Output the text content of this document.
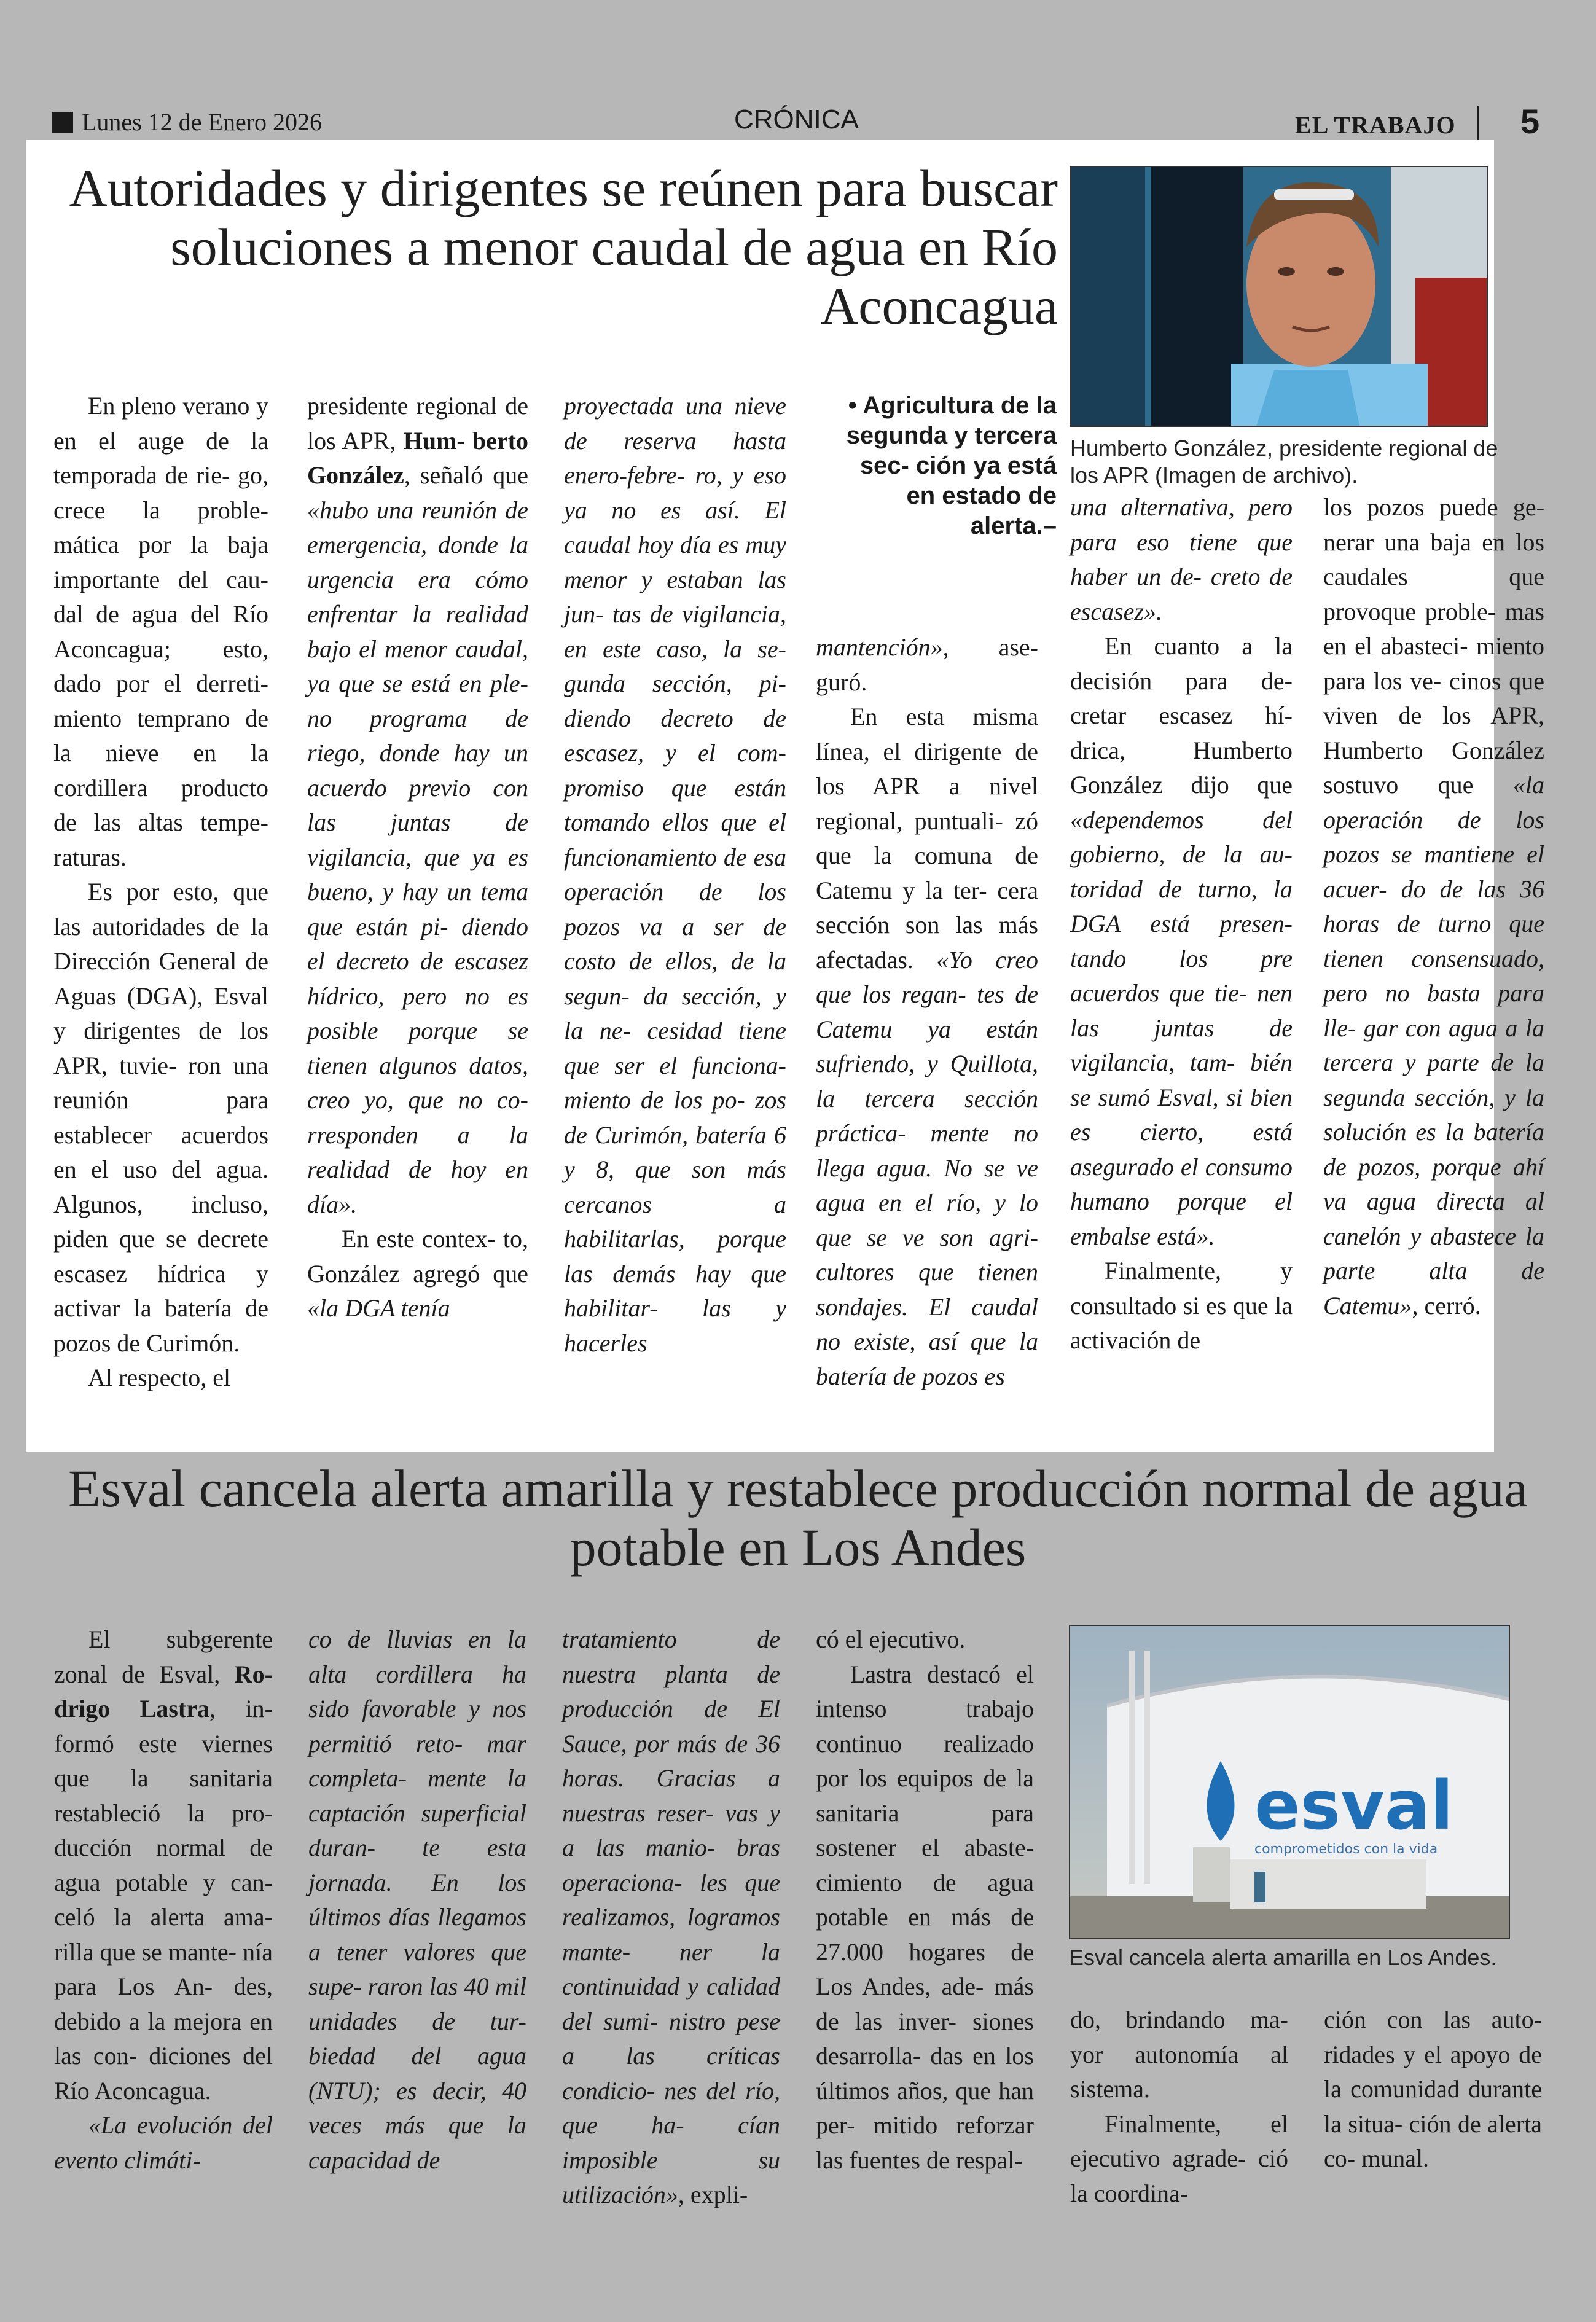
Lunes 12 de Enero 2026	CRÓNICA	EL TRABAJO 5
Autoridades y dirigentes se reúnen para buscar soluciones a menor caudal de agua en Río Aconcagua
Humberto González, presidente regional de los APR (Imagen de archivo).

En pleno verano y en el auge de la temporada de rie- go, crece la proble- mática por la baja importante del cau- dal de agua del Río Aconcagua; esto, dado por el derreti- miento temprano de la nieve en la cordillera producto de las altas tempe- raturas.

Es por esto, que las autoridades de la Dirección General de Aguas (DGA), Esval y dirigentes de los APR, tuvie- ron una reunión para establecer acuerdos en el uso del agua. Algunos, incluso, piden que se decrete escasez hídrica y activar la batería de pozos de Curimón.

Al respecto, el

presidente regional de los APR, Hum- berto González, señaló que «hubo una reunión de emergencia, donde la urgencia era cómo enfrentar la realidad bajo el menor caudal, ya que se está en ple- no programa de riego, donde hay un acuerdo previo con las juntas de vigilancia, que ya es bueno, y hay un tema que están pi- diendo el decreto de escasez hídrico, pero no es posible porque se tienen algunos datos, creo yo, que no co- rresponden a la realidad de hoy en día».

En este contex- to, González agregó que «la DGA tenía

proyectada una nieve de reserva hasta enero-febre- ro, y eso ya no es así. El caudal hoy día es muy menor y estaban las jun- tas de vigilancia, en este caso, la se- gunda sección, pi- diendo decreto de escasez, y el com- promiso que están tomando ellos que el funcionamiento de esa operación de los pozos va a ser de costo de ellos, de la segun- da sección, y la ne- cesidad tiene que ser el funciona- miento de los po- zos de Curimón, batería 6 y 8, que son más cercanos a habilitarlas, porque las demás hay que habilitar- las y hacerles

• Agricultura de la segunda y tercera sec- ción ya está en estado de alerta.–

mantención», ase- guró.

En esta misma línea, el dirigente de los APR a nivel regional, puntuali- zó que la comuna de Catemu y la ter- cera sección son las más afectadas. «Yo creo que los regan- tes de Catemu ya están sufriendo, y Quillota, la tercera sección práctica- mente no llega agua. No se ve agua en el río, y lo que se ve son agri- cultores que tienen sondajes. El caudal no existe, así que la batería de pozos es

una alternativa, pero para eso tiene que haber un de- creto de escasez».

En cuanto a la decisión para de- cretar escasez hí- drica, Humberto González dijo que «dependemos del gobierno, de la au- toridad de turno, la DGA está presen- tando los pre acuerdos que tie- nen las juntas de vigilancia, tam- bién se sumó Esval, si bien es cierto, está asegurado el consumo humano porque el embalse está».

Finalmente, y consultado si es que la activación de

los pozos puede ge- nerar una baja en los caudales que provoque proble- mas en el abasteci- miento para los ve- cinos que viven de los APR, Humberto González sostuvo que «la operación de los pozos se mantiene el acuer- do de las 36 horas de turno que tienen consensuado, pero no basta para lle- gar con agua a la tercera y parte de la segunda sección, y la solución es la batería de pozos, porque ahí va agua directa al canelón y abastece la parte alta de Catemu», cerró.

Esval cancela alerta amarilla y restablece producción normal de agua potable en Los Andes
esval
comprometidos con la vida
Esval cancela alerta amarilla en Los Andes.

El subgerente zonal de Esval, Ro- drigo Lastra, in- formó este viernes que la sanitaria restableció la pro- ducción normal de agua potable y can- celó la alerta ama- rilla que se mante- nía para Los An- des, debido a la mejora en las con- diciones del Río Aconcagua.

«La evolución del evento climáti-

co de lluvias en la alta cordillera ha sido favorable y nos permitió reto- mar completa- mente la captación superficial duran- te esta jornada. En los últimos días llegamos a tener valores que supe- raron las 40 mil unidades de tur- biedad del agua (NTU); es decir, 40 veces más que la capacidad de

tratamiento de nuestra planta de producción de El Sauce, por más de 36 horas. Gracias a nuestras reser- vas y a las manio- bras operaciona- les que realizamos, logramos mante- ner la continuidad y calidad del sumi- nistro pese a las críticas condicio- nes del río, que ha- cían imposible su utilización», expli-

có el ejecutivo.

Lastra destacó el intenso trabajo continuo realizado por los equipos de la sanitaria para sostener el abaste- cimiento de agua potable en más de 27.000 hogares de Los Andes, ade- más de las inver- siones desarrolla- das en los últimos años, que han per- mitido reforzar las fuentes de respal-

do, brindando ma- yor autonomía al sistema.

Finalmente, el ejecutivo agrade- ció la coordina-

ción con las auto- ridades y el apoyo de la comunidad durante la situa- ción de alerta co- munal.
